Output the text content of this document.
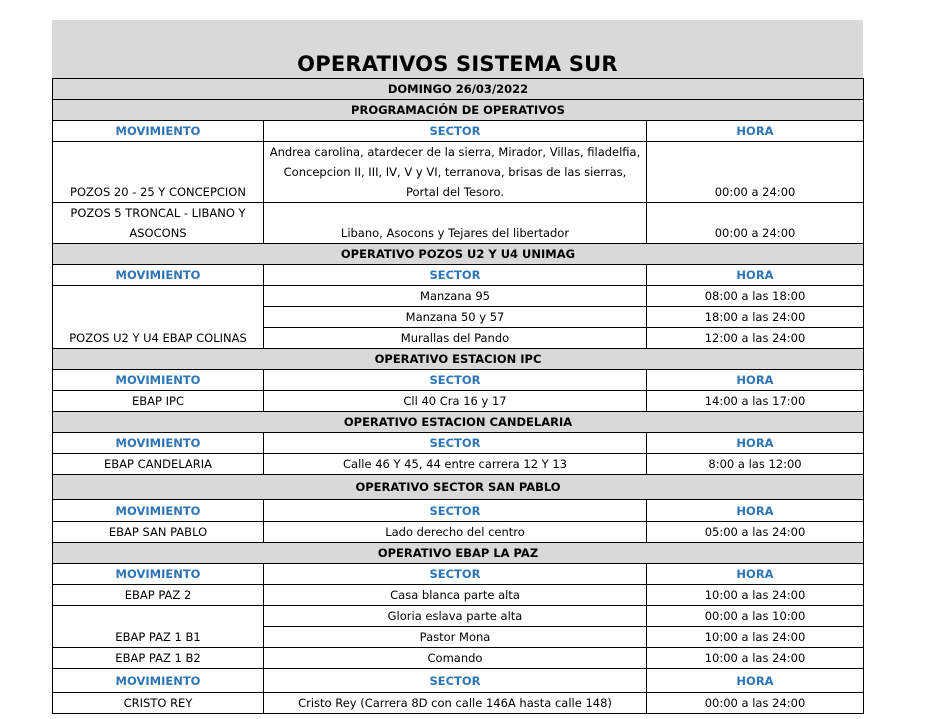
OPERATIVOS SISTEMA SUR
DOMINGO 26/03/2022		
PROGRAMACIÓN DE OPERATIVOS		
MOVIMIENTO	SECTOR	HORA
POZOS 20 - 25 Y CONCEPCION	Andrea carolina, atardecer de la sierra, Mirador, Villas, filadelfia, Concepcion II, III, IV, V y VI, terranova, brisas de las sierras, Portal del Tesoro.	00:00 a 24:00
POZOS 5 TRONCAL - LIBANO Y ASOCONS	Libano, Asocons y Tejares del libertador	00:00 a 24:00
OPERATIVO POZOS U2 Y U4 UNIMAG		
MOVIMIENTO	SECTOR	HORA
POZOS U2 Y U4 EBAP COLINAS	Manzana 95	08:00 a las 18:00
	Manzana 50 y 57	18:00 a las 24:00
	Murallas del Pando	12:00 a las 24:00
OPERATIVO ESTACION IPC		
MOVIMIENTO	SECTOR	HORA
EBAP IPC	Cll 40 Cra 16 y 17	14:00 a las 17:00
OPERATIVO ESTACION CANDELARIA		
MOVIMIENTO	SECTOR	HORA
EBAP CANDELARIA	Calle 46 Y 45, 44 entre carrera 12 Y 13	8:00 a las 12:00
OPERATIVO SECTOR SAN PABLO		
MOVIMIENTO	SECTOR	HORA
EBAP SAN PABLO	Lado derecho del centro	05:00 a las 24:00
OPERATIVO EBAP LA PAZ		
MOVIMIENTO	SECTOR	HORA
EBAP PAZ 2	Casa blanca parte alta	10:00 a las 24:00
EBAP PAZ 1 B1	Gloria eslava parte alta	00:00 a las 10:00
	Pastor Mona	10:00 a las 24:00
EBAP PAZ 1 B2	Comando	10:00 a las 24:00
MOVIMIENTO	SECTOR	HORA
CRISTO REY	Cristo Rey (Carrera 8D con calle 146A hasta calle 148)	00:00 a las 24:00
